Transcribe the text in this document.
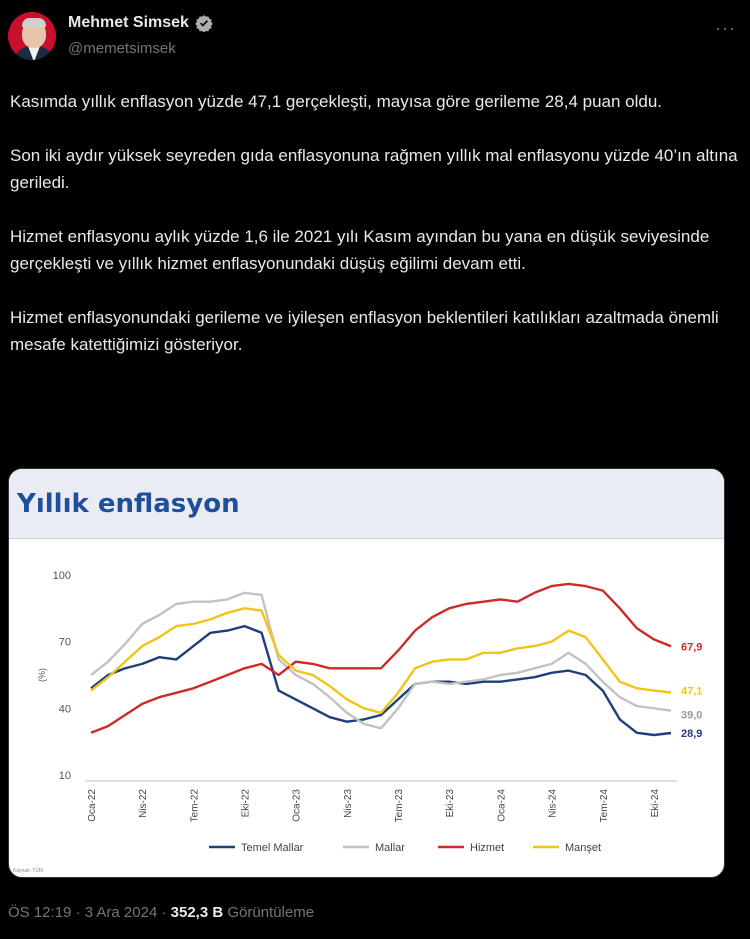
Mehmet Simsek
@memetsimsek
···

Kasımda yıllık enflasyon yüzde 47,1 gerçekleşti, mayısa göre gerileme 28,4 puan oldu.

Son iki aydır yüksek seyreden gıda enflasyonuna rağmen yıllık mal enflasyonu yüzde 40’ın altına geriledi.

Hizmet enflasyonu aylık yüzde 1,6 ile 2021 yılı Kasım ayından bu yana en düşük seviyesinde gerçekleşti ve yıllık hizmet enflasyonundaki düşüş eğilimi devam etti.

Hizmet enflasyonundaki gerileme ve iyileşen enflasyon beklentileri katılıkları azaltmada önemli mesafe katettiğimizi gösteriyor.

Yıllık enflasyon
10
40
70
100
(%)
Oca-22	Nis-22	Tem-22	Eki-22	Oca-23	Nis-23	Tem-23	Eki-23	Oca-24	Nis-24	Tem-24	Eki-24
28,9
39,0
67,9
47,1
Temel Mallar	Mallar	Hizmet	Manşet
Kaynak: TÜİK
ÖS 12:19 · 3 Ara 2024 · 352,3 B Görüntüleme
